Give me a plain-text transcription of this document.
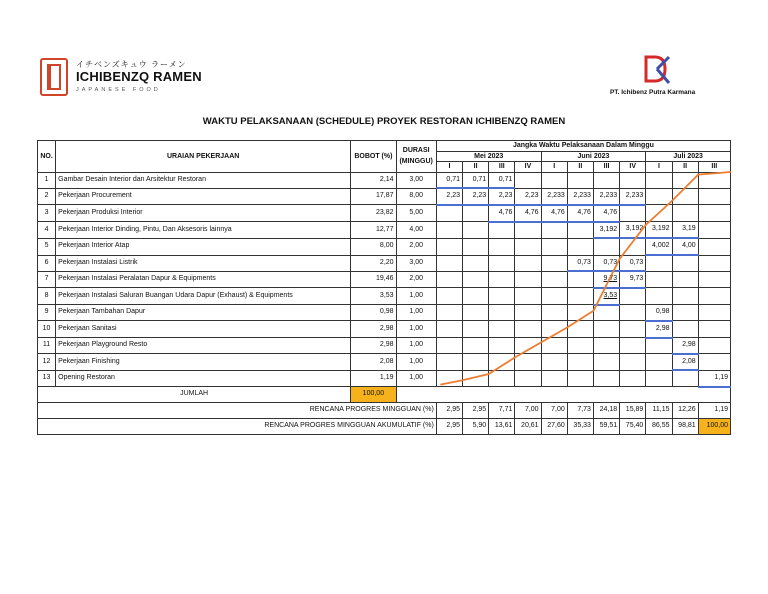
イチベンズキュウ ラーメン
ICHIBENZQ RAMEN
JAPANESE FOOD	PT. Ichibenz Putra Karmana
WAKTU PELAKSANAAN (SCHEDULE) PROYEK RESTORAN ICHIBENZQ RAMEN
NO.	URAIAN PEKERJAAN	BOBOT (%)	DURASI
(MINGGU)	Jangka Waktu Pelaksanaan Dalam Minggu										
				Mei 2023				Juni 2023				Juli 2023		
				I	II	III	IV	I	II	III	IV	I	II	III
1	Gambar Desain Interior dan Arsitektur Restoran	2,14	3,00	0,71	0,71	0,71								
2	Pekerjaan Procurement	17,87	8,00	2,23	2,23	2,23	2,23	2,233	2,233	2,233	2,233			
3	Pekerjaan Produksi Interior	23,82	5,00			4,76	4,76	4,76	4,76	4,76				
4	Pekerjaan Interior Dinding, Pintu, Dan Aksesoris lainnya	12,77	4,00							3,192	3,192	3,192	3,19	
5	Pekerjaan Interior Atap	8,00	2,00									4,002	4,00	
6	Pekerjaan Instalasi Listrik	2,20	3,00						0,73	0,73	0,73			
7	Pekerjaan Instalasi Peralatan Dapur & Equipments	19,46	2,00							9,73	9,73			
8	Pekerjaan Instalasi Saluran Buangan Udara Dapur (Exhaust) & Equipments	3,53	1,00							3,53				
9	Pekerjaan Tambahan Dapur	0,98	1,00									0,98		
10	Pekerjaan Sanitasi	2,98	1,00									2,98		
11	Pekerjaan Playground Resto	2,98	1,00										2,98	
12	Pekerjaan Finishing	2,08	1,00										2,08	
13	Opening Restoran	1,19	1,00											1,19
JUMLAH		100,00												
RENCANA PROGRES MINGGUAN (%)				2,95	2,95	7,71	7,00	7,00	7,73	24,18	15,89	11,15	12,26	1,19
RENCANA PROGRES MINGGUAN AKUMULATIF (%)				2,95	5,90	13,61	20,61	27,60	35,33	59,51	75,40	86,55	98,81	100,00
